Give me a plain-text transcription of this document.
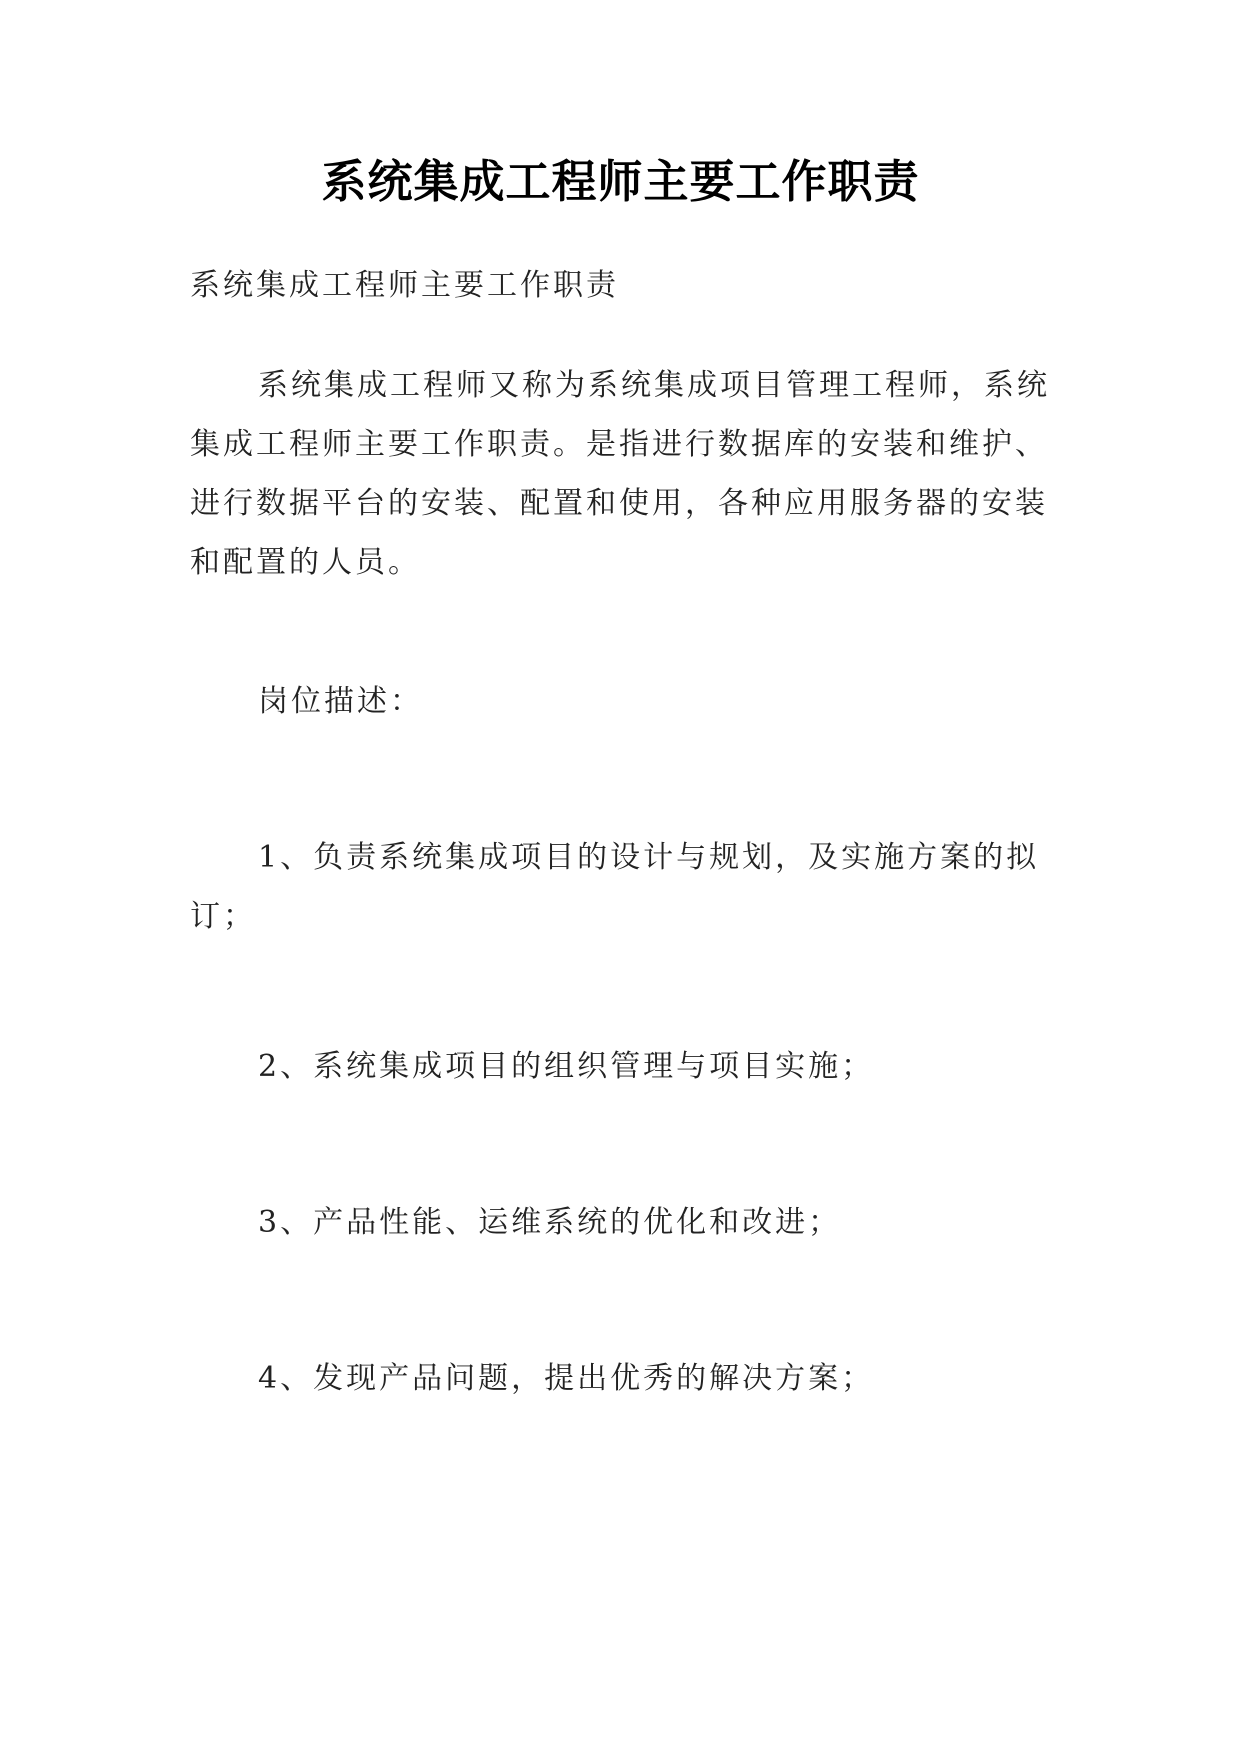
系统集成工程师主要工作职责

系统集成工程师主要工作职责

系统集成工程师又称为系统集成项目管理工程师，系统
集成工程师主要工作职责。是指进行数据库的安装和维护、
进行数据平台的安装、配置和使用，各种应用服务器的安装
和配置的人员。

岗位描述：

1、负责系统集成项目的设计与规划，及实施方案的拟
订；

2、系统集成项目的组织管理与项目实施；

3、产品性能、运维系统的优化和改进；

4、发现产品问题，提出优秀的解决方案；
